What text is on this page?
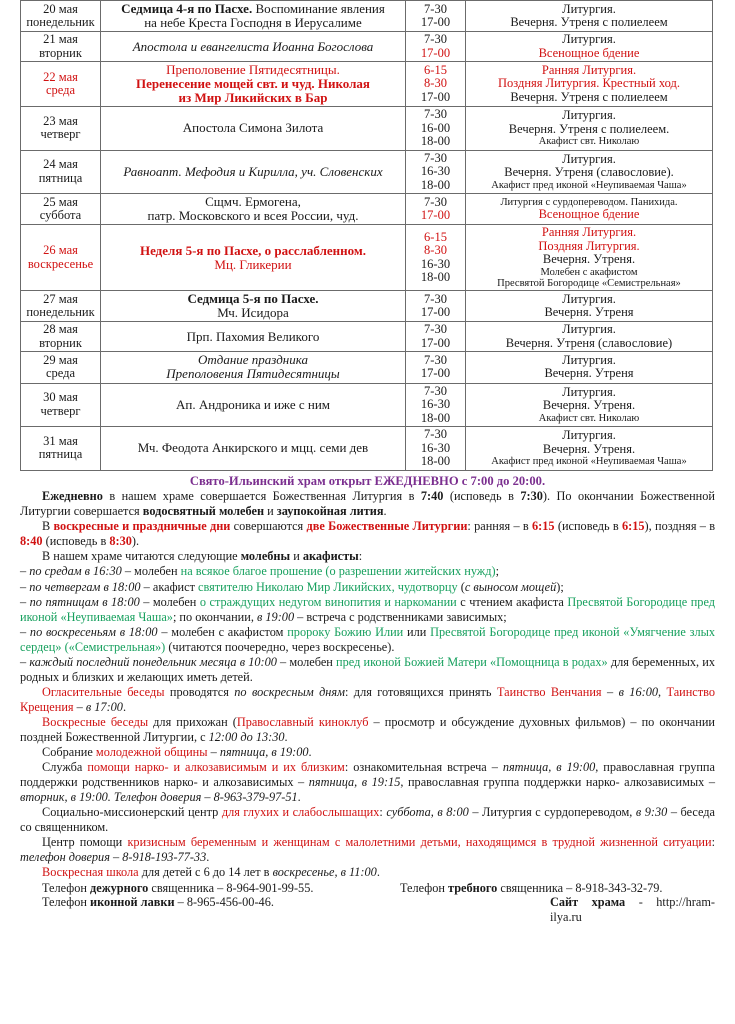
20 мая
понедельник	Седмица 4-я по Пасхе. Воспоминание явления
на небе Креста Господня в Иерусалиме	7-30
17-00	Литургия.
Вечерня. Утреня с полиелеем

21 мая
вторник	Апостола и евангелиста Иоанна Богослова	7-30
17-00	Литургия.
Всенощное бдение

22 мая
среда	Преполовение Пятидесятницы.
Перенесение мощей свт. и чуд. Николая
из Мир Ликийских в Бар	6-15
8-30
17-00	Ранняя Литургия.
Поздняя Литургия. Крестный ход.
Вечерня. Утреня с полиелеем

23 мая
четверг	Апостола Симона Зилота	7-30
16-00
18-00	Литургия.
Вечерня. Утреня с полиелеем.
Акафист свт. Николаю

24 мая
пятница	Равноапт. Мефодия и Кирилла, уч. Словенских	7-30
16-30
18-00	Литургия.
Вечерня. Утреня (славословие).
Акафист пред иконой «Неупиваемая Чаша»

25 мая
суббота	Сщмч. Ермогена,
патр. Московского и всея России, чуд.	7-30
17-00	Литургия с сурдопереводом. Панихида.
Всенощное бдение

26 мая
воскресенье	Неделя 5-я по Пасхе, о расслабленном.
Мц. Гликерии	6-15
8-30
16-30
18-00	Ранняя Литургия.
Поздняя Литургия.
Вечерня. Утреня.
Молебен с акафистом
Пресвятой Богородице «Семистрельная»

27 мая
понедельник	Седмица 5-я по Пасхе.
Мч. Исидора	7-30
17-00	Литургия.
Вечерня. Утреня

28 мая
вторник	Прп. Пахомия Великого	7-30
17-00	Литургия.
Вечерня. Утреня (славословие)

29 мая
среда	Отдание праздника
Преполовения Пятидесятницы	7-30
17-00	Литургия.
Вечерня. Утреня

30 мая
четверг	Ап. Андроника и иже с ним	7-30
16-30
18-00	Литургия.
Вечерня. Утреня.
Акафист свт. Николаю

31 мая
пятница	Мч. Феодота Анкирского и мцц. семи дев	7-30
16-30
18-00	Литургия.
Вечерня. Утреня.
Акафист пред иконой «Неупиваемая Чаша»

Свято-Ильинский храм открыт ЕЖЕДНЕВНО с 7:00 до 20:00.

Ежедневно в нашем храме совершается Божественная Литургия в 7:40 (исповедь в 7:30). По окончании Божественной Литургии совершается водосвятный молебен и заупокойная лития.

В воскресные и праздничные дни совершаются две Божественные Литургии: ранняя – в 6:15 (исповедь в 6:15), поздняя – в 8:40 (исповедь в 8:30).

В нашем храме читаются следующие молебны и акафисты:

– по средам в 16:30 – молебен на всякое благое прошение (о разрешении житейских нужд);

– по четвергам в 18:00 – акафист святителю Николаю Мир Ликийских, чудотворцу (с выносом мощей);

– по пятницам в 18:00 – молебен о страждущих недугом винопития и наркомании с чтением акафиста Пресвятой Богородице пред иконой «Неупиваемая Чаша»; по окончании, в 19:00 – встреча с родственниками зависимых;

– по воскресеньям в 18:00 – молебен с акафистом пророку Божию Илии или Пресвятой Богородице пред иконой «Умягчение злых сердец» («Семистрельная») (читаются поочередно, через воскресенье).

– каждый последний понедельник месяца в 10:00 – молебен пред иконой Божией Матери «Помощница в родах» для беременных, их родных и близких и желающих иметь детей.

Огласительные беседы проводятся по воскресным дням: для готовящихся принять Таинство Венчания – в 16:00, Таинство Крещения – в 17:00.

Воскресные беседы для прихожан (Православный киноклуб – просмотр и обсуждение духовных фильмов) – по окончании поздней Божественной Литургии, с 12:00 до 13:30.

Собрание молодежной общины – пятница, в 19:00.

Служба помощи нарко- и алкозависимым и их близким: ознакомительная встреча – пятница, в 19:00, православная группа поддержки родственников нарко- и алкозависимых – пятница, в 19:15, православная группа поддержки нарко- алкозависимых – вторник, в 19:00. Телефон доверия – 8-963-379-97-51.

Социально-миссионерский центр для глухих и слабослышащих: суббота, в 8:00 – Литургия с сурдопереводом, в 9:30 – беседа со священником.

Центр помощи кризисным беременным и женщинам с малолетними детьми, находящимся в трудной жизненной ситуации: телефон доверия – 8-918-193-77-33.

Воскресная школа для детей с 6 до 14 лет в воскресенье, в 11:00.

Телефон дежурного священника – 8-964-901-99-55.	Телефон требного священника – 8-918-343-32-79.
Телефон иконной лавки – 8-965-456-00-46.	Сайт храма - http://hram-ilya.ru
